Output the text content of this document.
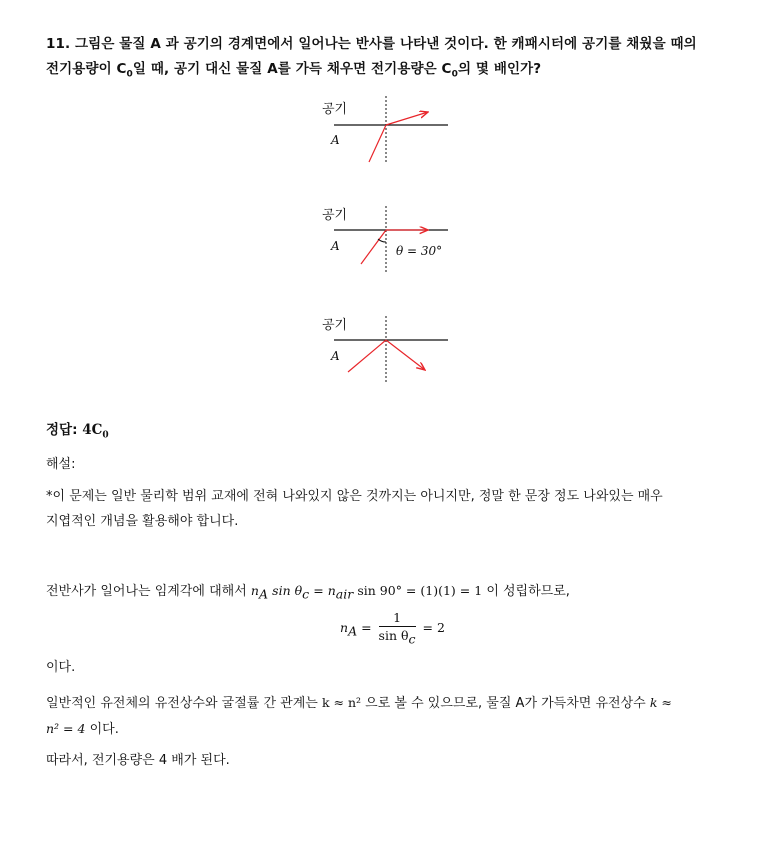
11. 그림은 물질 A 과 공기의 경계면에서 일어나는 반사를 나타낸 것이다. 한 캐패시터에 공기를 채웠을 때의
전기용량이 $C_0$일 때, 공기 대신 물질 A를 가득 채우면 전기용량은 $C_0$의 몇 배인가?
공기
A
공기
A	θ = 30°
공기
A
정답: $4C_0$
해설:
*이 문제는 일반 물리학 범위 교재에 전혀 나와있지 않은 것까지는 아니지만, 정말 한 문장 정도 나와있는 매우
지엽적인 개념을 활용해야 합니다.
전반사가 일어나는 임계각에 대해서 $n_A$ $\sin \theta_c = n_{air}$ sin 90° = (1)(1) = 1 이 성립하므로,
$n_A = \frac{1}{\sin \theta_c} = 2$
이다.
일반적인 유전체의 유전상수와 굴절률 간 관계는 k ≈ n² 으로 볼 수 있으므로, 물질 A가 가득차면 유전상수 k ≈
n² = 4 이다.
따라서, 전기용량은 4 배가 된다.
